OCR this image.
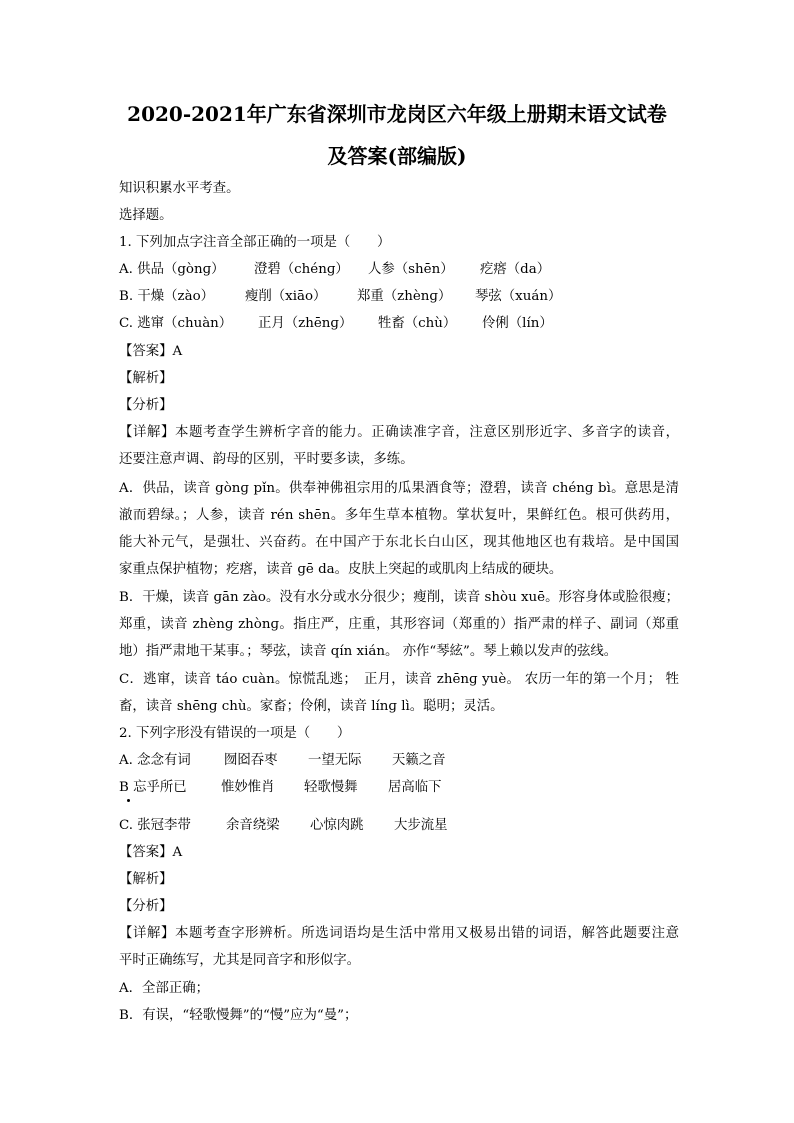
2020-2021年广东省深圳市龙岗区六年级上册期末语文试卷
及答案(部编版)
知识积累水平考查。
选择题。
1. 下列加点字注音全部正确的一项是（　　）
A. 供品（gònɡ） 澄碧（chénɡ） 人参（shēn） 疙瘩（da）
B. 干燥（zào） 瘦削（xiāo） 郑重（zhènɡ） 琴弦（xuán）
C. 逃窜（chuàn） 正月（zhēnɡ） 牲畜（chù） 伶俐（lín）
【答案】A
【解析】
【分析】
【详解】本题考查学生辨析字音的能力。正确读准字音，注意区别形近字、多音字的读音，
还要注意声调、韵母的区别，平时要多读，多练。
A．供品，读音 gònɡ pǐn。供奉神佛祖宗用的瓜果酒食等；澄碧，读音 chénɡ bì。意思是清
澈而碧绿。；人参，读音 rén shēn。多年生草本植物。掌状复叶，果鲜红色。根可供药用，
能大补元气，是强壮、兴奋药。在中国产于东北长白山区，现其他地区也有栽培。是中国国
家重点保护植物；疙瘩，读音 ɡē da。皮肤上突起的或肌肉上结成的硬块。
B．干燥，读音 ɡān zào。没有水分或水分很少；瘦削，读音 shòu xuē。形容身体或脸很瘦；
郑重，读音 zhènɡ zhònɡ。指庄严，庄重，其形容词（郑重的）指严肃的样子、副词（郑重
地）指严肃地干某事。；琴弦，读音 qín xián。 亦作“琴絃”。琴上赖以发声的弦线。
C．逃窜，读音 táo cuàn。惊慌乱逃；　正月，读音 zhēnɡ yuè。 农历一年的第一个月； 牲
畜，读音 shēnɡ chù。家畜；伶俐，读音 línɡ lì。聪明；灵活。
2. 下列字形没有错误的一项是（　　）
A. 念念有词 囫囵吞枣 一望无际 天籁之音
B 忘乎所已	惟妙惟肖 轻歌慢舞 居高临下
C. 张冠李带	余音绕梁 心惊肉跳 大步流星
【答案】A
【解析】
【分析】
【详解】本题考查字形辨析。所选词语均是生活中常用又极易出错的词语，解答此题要注意
平时正确练写，尤其是同音字和形似字。
A．全部正确；
B．有误，“轻歌慢舞”的“慢”应为“曼”；
